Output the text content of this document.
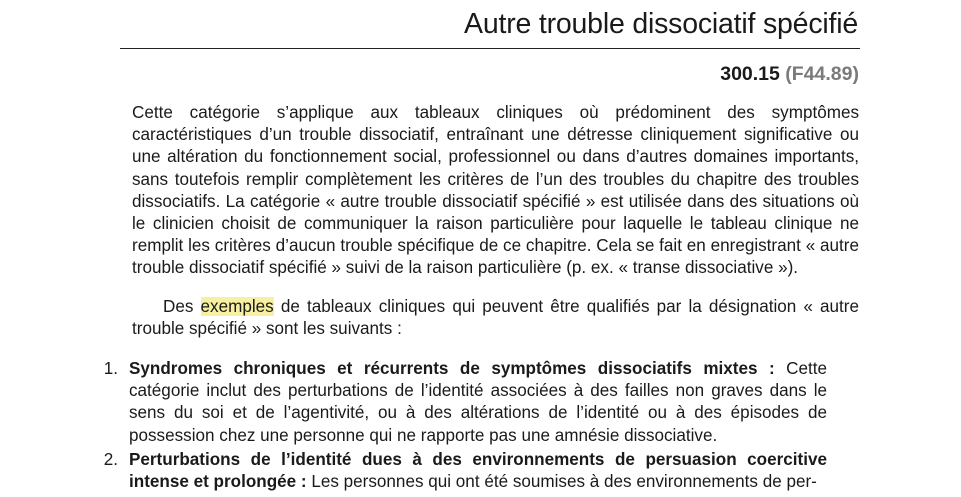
Autre trouble dissociatif spécifié
300.15 (F44.89)

Cette catégorie s’applique aux tableaux cliniques où prédominent des symptômes caractéristiques d’un trouble dissociatif, entraînant une détresse cliniquement significative ou une altération du fonctionnement social, professionnel ou dans d’autres domaines importants, sans toutefois remplir complètement les critères de l’un des troubles du chapitre des troubles dissociatifs. La catégorie « autre trouble dissociatif spécifié » est utilisée dans des situations où le clinicien choisit de communiquer la raison particulière pour laquelle le tableau clinique ne remplit les critères d’aucun trouble spécifique de ce chapitre. Cela se fait en enregistrant « autre trouble dissociatif spécifié » suivi de la raison particulière (p. ex. « transe dissociative »).

Des exemples de tableaux cliniques qui peuvent être qualifiés par la désignation « autre trouble spécifié » sont les suivants :

1. Syndromes chroniques et récurrents de symptômes dissociatifs mixtes : Cette catégorie inclut des perturbations de l’identité associées à des failles non graves dans le sens du soi et de l’agentivité, ou à des altérations de l’identité ou à des épisodes de possession chez une personne qui ne rapporte pas une amnésie dissociative.
2. Perturbations de l’identité dues à des environnements de persuasion coercitive intense et prolongée : Les personnes qui ont été soumises à des environnements de per-
